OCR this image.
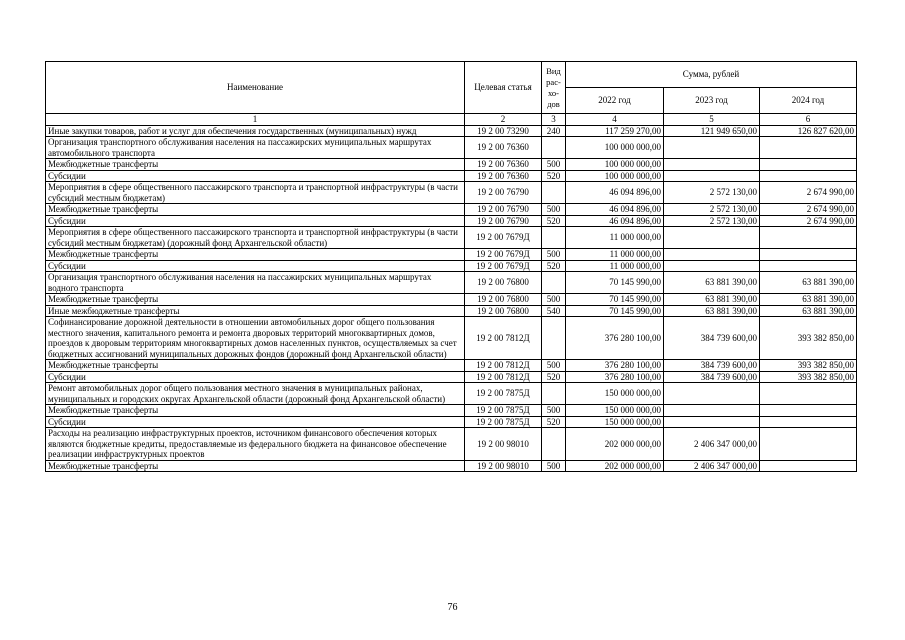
Наименование	Целевая статья	Вид рас- хо- дов	Сумма, рублей		
			2022 год	2023 год	2024 год
1	2	3	4	5	6
Иные закупки товаров, работ и услуг для обеспечения государственных (муниципальных) нужд	19 2 00 73290	240	117 259 270,00	121 949 650,00	126 827 620,00
Организация транспортного обслуживания населения на пассажирских муниципальных маршрутах автомобильного транспорта	19 2 00 76360		100 000 000,00		
Межбюджетные трансферты	19 2 00 76360	500	100 000 000,00		
Субсидии	19 2 00 76360	520	100 000 000,00		
Мероприятия в сфере общественного пассажирского транспорта и транспортной инфраструктуры (в части субсидий местным бюджетам)	19 2 00 76790		46 094 896,00	2 572 130,00	2 674 990,00
Межбюджетные трансферты	19 2 00 76790	500	46 094 896,00	2 572 130,00	2 674 990,00
Субсидии	19 2 00 76790	520	46 094 896,00	2 572 130,00	2 674 990,00
Мероприятия в сфере общественного пассажирского транспорта и транспортной инфраструктуры (в части субсидий местным бюджетам) (дорожный фонд Архангельской области)	19 2 00 7679Д		11 000 000,00		
Межбюджетные трансферты	19 2 00 7679Д	500	11 000 000,00		
Субсидии	19 2 00 7679Д	520	11 000 000,00		
Организация транспортного обслуживания населения на пассажирских муниципальных маршрутах водного транспорта	19 2 00 76800		70 145 990,00	63 881 390,00	63 881 390,00
Межбюджетные трансферты	19 2 00 76800	500	70 145 990,00	63 881 390,00	63 881 390,00
Иные межбюджетные трансферты	19 2 00 76800	540	70 145 990,00	63 881 390,00	63 881 390,00
Софинансирование дорожной деятельности в отношении автомобильных дорог общего пользования местного значения, капитального ремонта и ремонта дворовых территорий многоквартирных домов, проездов к дворовым территориям многоквартирных домов населенных пунктов, осуществляемых за счет бюджетных ассигнований муниципальных дорожных фондов (дорожный фонд Архангельской области)	19 2 00 7812Д		376 280 100,00	384 739 600,00	393 382 850,00
Межбюджетные трансферты	19 2 00 7812Д	500	376 280 100,00	384 739 600,00	393 382 850,00
Субсидии	19 2 00 7812Д	520	376 280 100,00	384 739 600,00	393 382 850,00
Ремонт автомобильных дорог общего пользования местного значения в муниципальных районах, муниципальных и городских округах Архангельской области (дорожный фонд Архангельской области)	19 2 00 7875Д		150 000 000,00		
Межбюджетные трансферты	19 2 00 7875Д	500	150 000 000,00		
Субсидии	19 2 00 7875Д	520	150 000 000,00		
Расходы на реализацию инфраструктурных проектов, источником финансового обеспечения которых являются бюджетные кредиты, предоставляемые из федерального бюджета на финансовое обеспечение реализации инфраструктурных проектов	19 2 00 98010		202 000 000,00	2 406 347 000,00	
Межбюджетные трансферты	19 2 00 98010	500	202 000 000,00	2 406 347 000,00	
76
